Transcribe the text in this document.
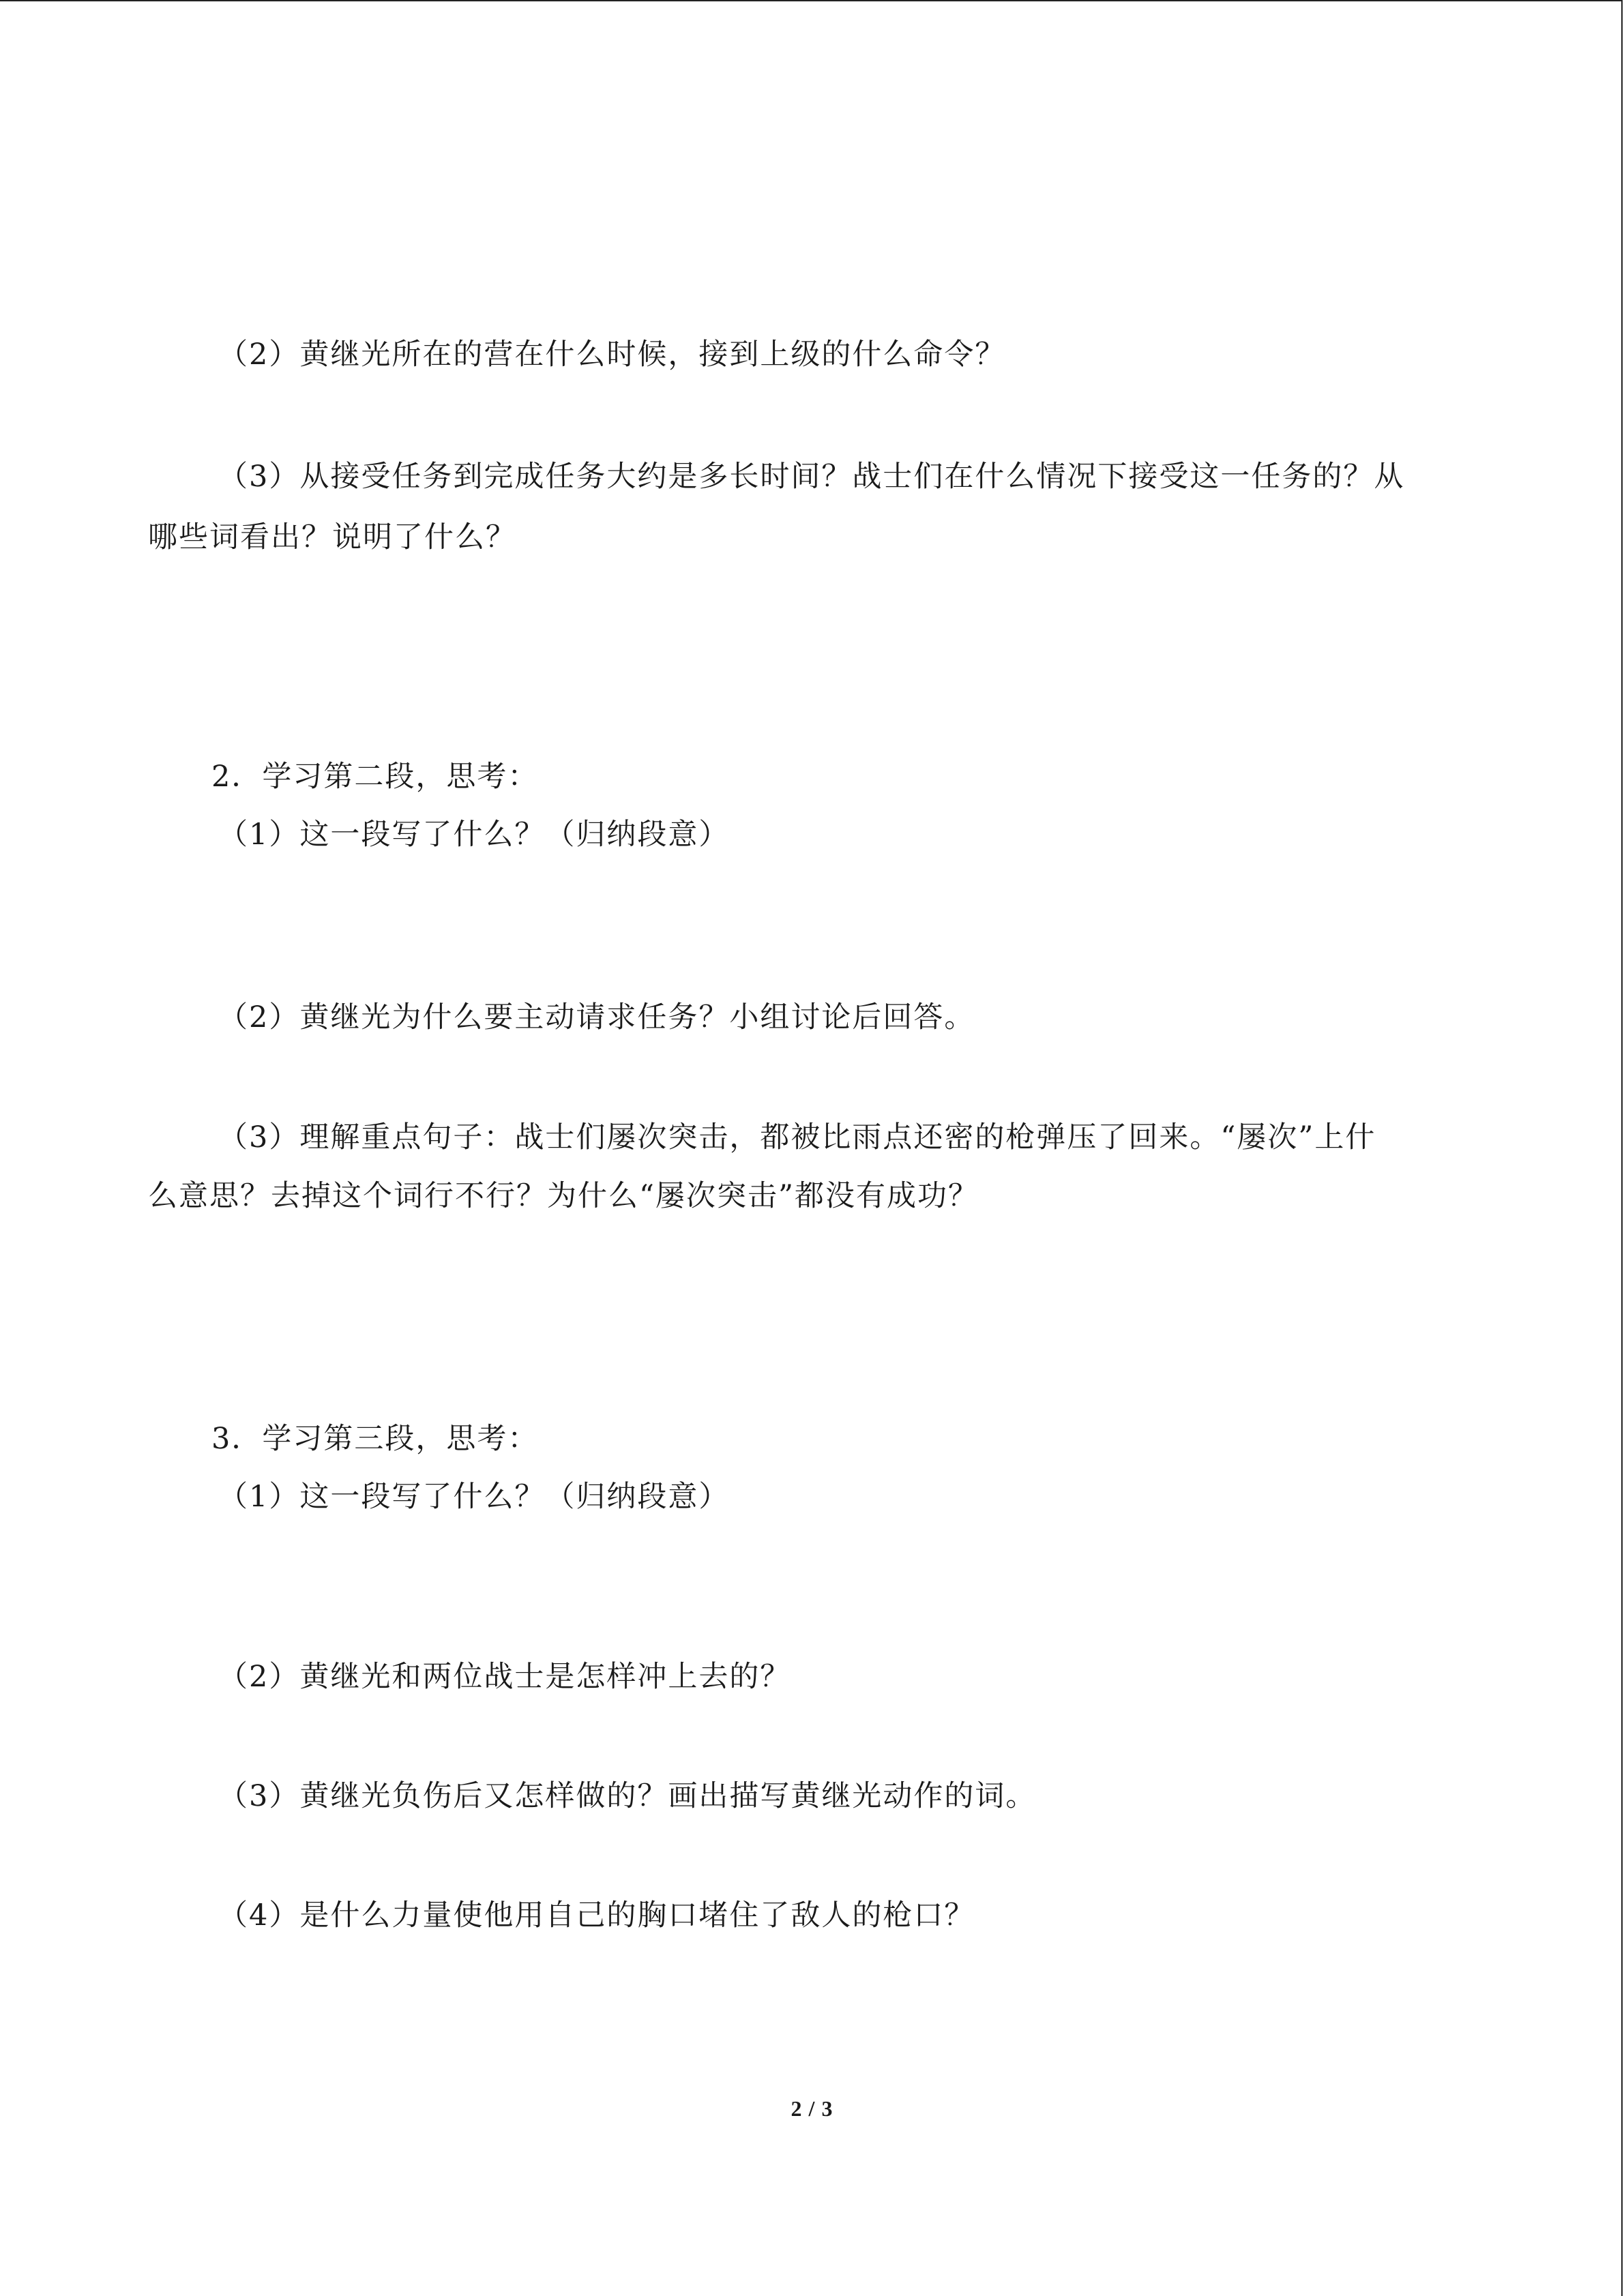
（2）黄继光所在的营在什么时候，接到上级的什么命令？
（3）从接受任务到完成任务大约是多长时间？战士们在什么情况下接受这一任务的？从
哪些词看出？说明了什么？
2．学习第二段，思考：
（1）这一段写了什么？（归纳段意）
（2）黄继光为什么要主动请求任务？小组讨论后回答。
（3）理解重点句子：战士们屡次突击，都被比雨点还密的枪弹压了回来。“屡次”上什
么意思？去掉这个词行不行？为什么“屡次突击”都没有成功？
3．学习第三段，思考：
（1）这一段写了什么？（归纳段意）
（2）黄继光和两位战士是怎样冲上去的？
（3）黄继光负伤后又怎样做的？画出描写黄继光动作的词。
（4）是什么力量使他用自己的胸口堵住了敌人的枪口？
2 / 3
